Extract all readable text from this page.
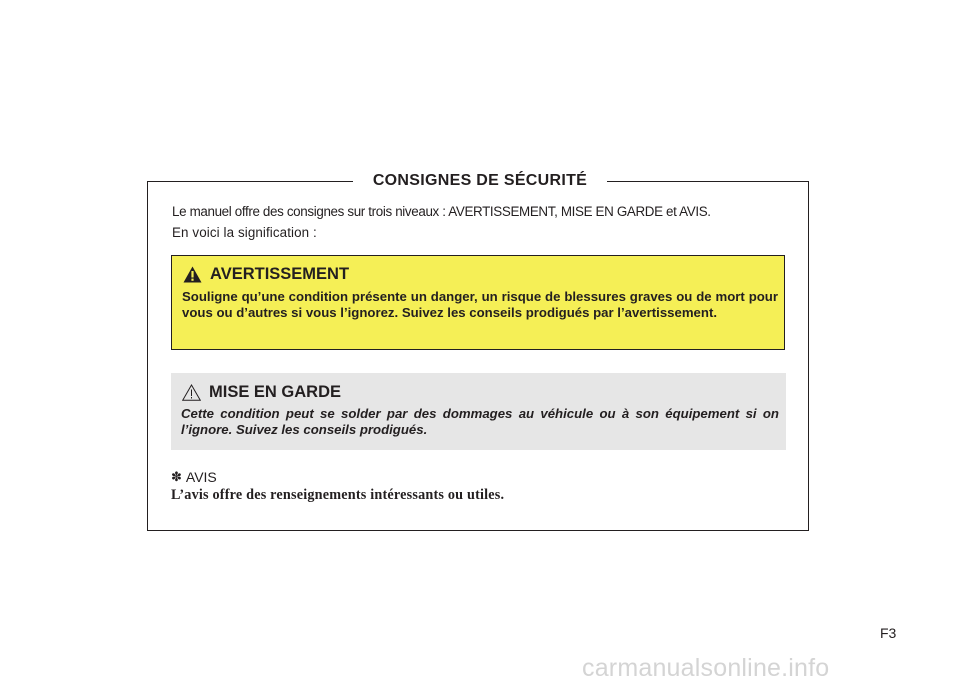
CONSIGNES DE SÉCURITÉ
Le manuel offre des consignes sur trois niveaux : AVERTISSEMENT, MISE EN GARDE et AVIS.
En voici la signification :
AVERTISSEMENT
Souligne qu’une condition présente un danger, un risque de blessures graves ou de mort pour vous ou d’autres si vous l’ignorez. Suivez les conseils prodigués par l’avertissement.
MISE EN GARDE
Cette condition peut se solder par des dommages au véhicule ou à son équipement si on l’ignore. Suivez les conseils prodigués.
✽ AVIS
L’avis offre des renseignements intéressants ou utiles.
F3
carmanualsonline.info
